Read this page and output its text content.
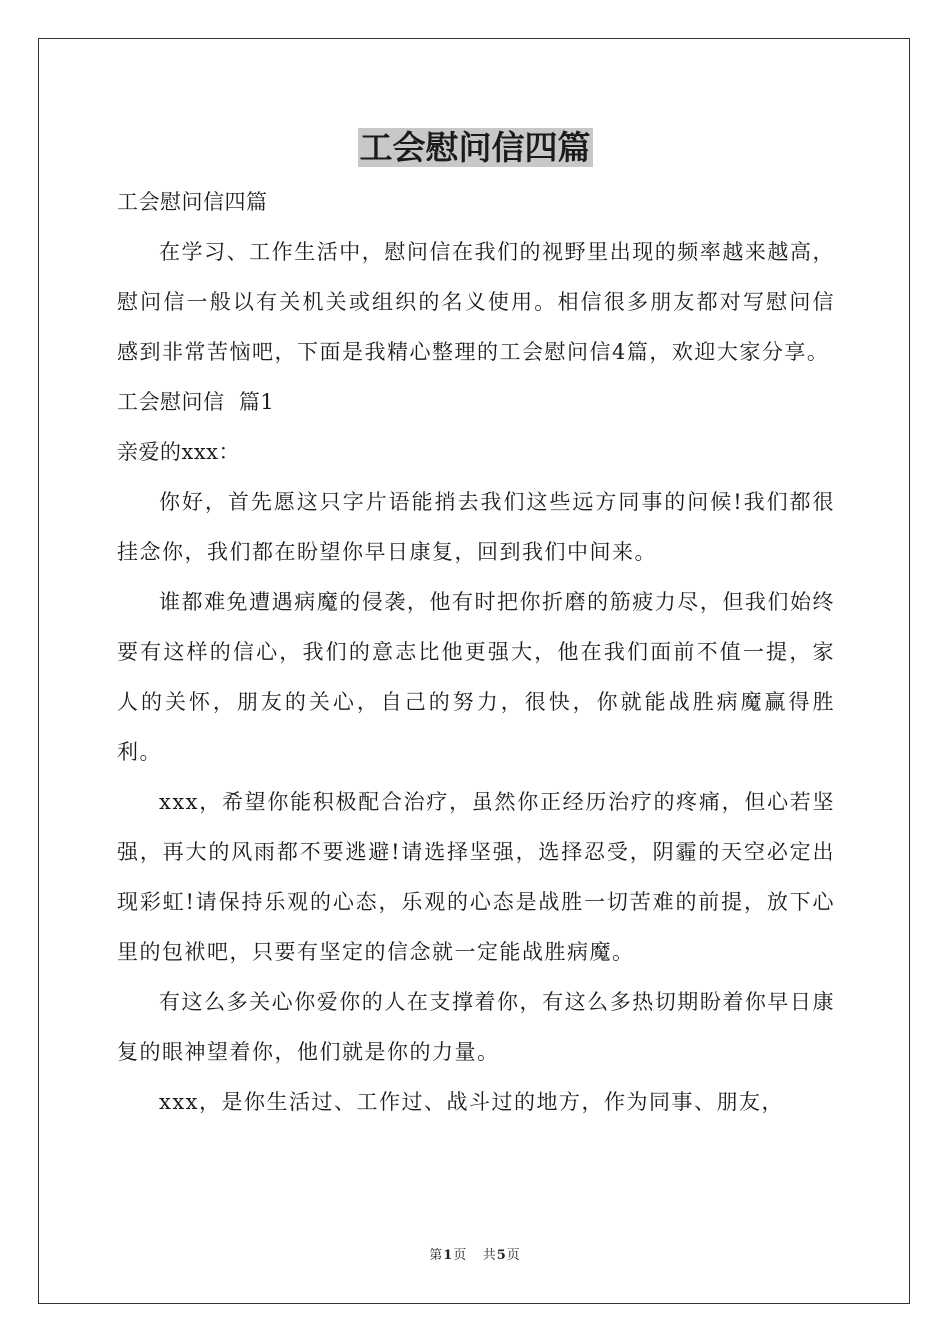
工会慰问信四篇

工会慰问信四篇

在学习、工作生活中，慰问信在我们的视野里出现的频率越来越高，慰问信一般以有关机关或组织的名义使用。相信很多朋友都对写慰问信感到非常苦恼吧，下面是我精心整理的工会慰问信4篇，欢迎大家分享。

工会慰问信  篇1

亲爱的xxx：

你好，首先愿这只字片语能捎去我们这些远方同事的问候!我们都很挂念你，我们都在盼望你早日康复，回到我们中间来。

谁都难免遭遇病魔的侵袭，他有时把你折磨的筋疲力尽，但我们始终要有这样的信心，我们的意志比他更强大，他在我们面前不值一提，家人的关怀，朋友的关心，自己的努力，很快，你就能战胜病魔赢得胜利。

xxx，希望你能积极配合治疗，虽然你正经历治疗的疼痛，但心若坚强，再大的风雨都不要逃避!请选择坚强，选择忍受，阴霾的天空必定出现彩虹!请保持乐观的心态，乐观的心态是战胜一切苦难的前提，放下心里的包袱吧，只要有坚定的信念就一定能战胜病魔。

有这么多关心你爱你的人在支撑着你，有这么多热切期盼着你早日康复的眼神望着你，他们就是你的力量。

xxx，是你生活过、工作过、战斗过的地方，作为同事、朋友，

第1页 共5页
